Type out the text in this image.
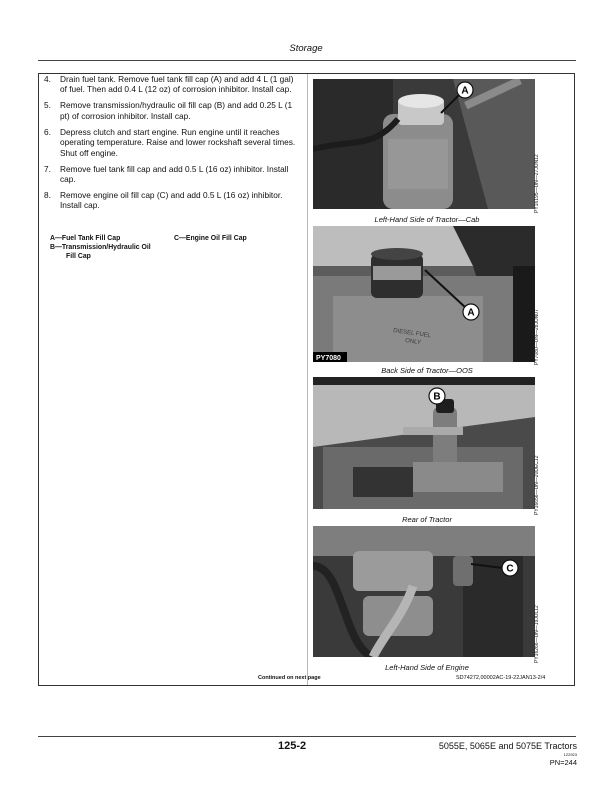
Storage
4. Drain fuel tank. Remove fuel tank fill cap (A) and add 4 L (1 gal) of fuel. Then add 0.4 L (12 oz) of corrosion inhibitor. Install cap.
5. Remove transmission/hydraulic oil fill cap (B) and add 0.25 L (1 pt) of corrosion inhibitor. Install cap.
6. Depress clutch and start engine. Run engine until it reaches operating temperature. Raise and lower rockshaft several times. Shut off engine.
7. Remove fuel tank fill cap and add 0.5 L (16 oz) inhibitor. Install cap.
8. Remove engine oil fill cap (C) and add 0.5 L (16 oz) inhibitor. Install cap.
A—Fuel Tank Fill Cap
B—Transmission/Hydraulic Oil
Fill Cap
C—Engine Oil Fill Cap
A
PY16195—UN—27JUN12
Left-Hand Side of Tractor—Cab
DIESEL FUEL
ONLY
A
PY7080	PY7080—UN—28JUN07
Back Side of Tractor—OOS
B
PY16656—UN—20DEC12
Rear of Tractor
C
PY16266—UN—19JUL12
Left-Hand Side of Engine
Continued on next page	SD74272,00002AC-19-22JAN13-2/4
125-2	5055E, 5065E and 5075E Tractors
122923
PN=244
